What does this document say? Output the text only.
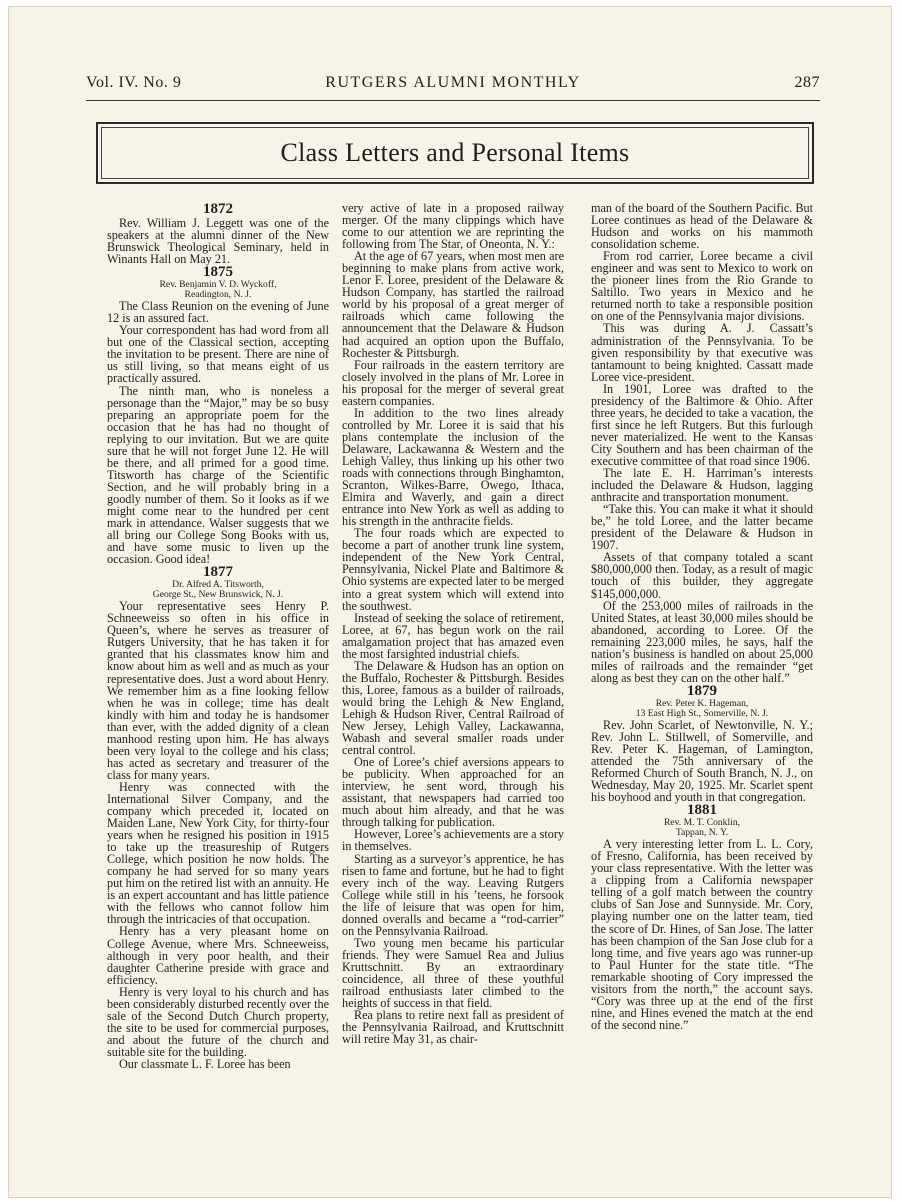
Vol. IV. No. 9	RUTGERS ALUMNI MONTHLY	287
Class Letters and Personal Items
1872

Rev. William J. Leggett was one of the speakers at the alumni dinner of the New Brunswick Theological Seminary, held in Winants Hall on May 21.

1875

Rev. Benjamin V. D. Wyckoff,

Readington, N. J.

The Class Reunion on the evening of June 12 is an assured fact.

Your correspondent has had word from all but one of the Classical section, accepting the invitation to be present. There are nine of us still living, so that means eight of us practically assured.

The ninth man, who is noneless a personage than the “Major,” may be so busy preparing an appropriate poem for the occasion that he has had no thought of replying to our invitation. But we are quite sure that he will not forget June 12. He will be there, and all primed for a good time. Titsworth has charge of the Scientific Section, and he will probably bring in a goodly number of them. So it looks as if we might come near to the hundred per cent mark in attendance. Walser suggests that we all bring our College Song Books with us, and have some music to liven up the occasion. Good idea!

1877

Dr. Alfred A. Titsworth,

George St., New Brunswick, N. J.

Your representative sees Henry P. Schneeweiss so often in his office in Queen’s, where he serves as treasurer of Rutgers University, that he has taken it for granted that his classmates know him and know about him as well and as much as your representative does. Just a word about Henry. We remember him as a fine looking fellow when he was in college; time has dealt kindly with him and today he is handsomer than ever, with the added dignity of a clean manhood resting upon him. He has always been very loyal to the college and his class; has acted as secretary and treasurer of the class for many years.

Henry was connected with the International Silver Company, and the company which preceded it, located on Maiden Lane, New York City, for thirty-four years when he resigned his position in 1915 to take up the treasureship of Rutgers College, which position he now holds. The company he had served for so many years put him on the retired list with an annuity. He is an expert accountant and has little patience with the fellows who cannot follow him through the intricacies of that occupation.

Henry has a very pleasant home on College Avenue, where Mrs. Schneeweiss, although in very poor health, and their daughter Catherine preside with grace and efficiency.

Henry is very loyal to his church and has been considerably disturbed recently over the sale of the Second Dutch Church property, the site to be used for commercial purposes, and about the future of the church and suitable site for the building.

Our classmate L. F. Loree has been

very active of late in a proposed railway merger. Of the many clippings which have come to our attention we are reprinting the following from The Star, of Oneonta, N. Y.:

At the age of 67 years, when most men are beginning to make plans from active work, Lenor F. Loree, president of the Delaware & Hudson Company, has startled the railroad world by his proposal of a great merger of railroads which came following the announcement that the Delaware & Hudson had acquired an option upon the Buffalo, Rochester & Pittsburgh.

Four railroads in the eastern territory are closely involved in the plans of Mr. Loree in his proposal for the merger of several great eastern companies.

In addition to the two lines already controlled by Mr. Loree it is said that his plans contemplate the inclusion of the Delaware, Lackawanna & Western and the Lehigh Valley, thus linking up his other two roads with connections through Binghamton, Scranton, Wilkes-Barre, Owego, Ithaca, Elmira and Waverly, and gain a direct entrance into New York as well as adding to his strength in the anthracite fields.

The four roads which are expected to become a part of another trunk line system, independent of the New York Central, Pennsylvania, Nickel Plate and Baltimore & Ohio systems are expected later to be merged into a great system which will extend into the southwest.

Instead of seeking the solace of retirement, Loree, at 67, has begun work on the rail amalgamation project that has amazed even the most farsighted industrial chiefs.

The Delaware & Hudson has an option on the Buffalo, Rochester & Pittsburgh. Besides this, Loree, famous as a builder of railroads, would bring the Lehigh & New England, Lehigh & Hudson River, Central Railroad of New Jersey, Lehigh Valley, Lackawanna, Wabash and several smaller roads under central control.

One of Loree’s chief aversions appears to be publicity. When approached for an interview, he sent word, through his assistant, that newspapers had carried too much about him already, and that he was through talking for publication.

However, Loree’s achievements are a story in themselves.

Starting as a surveyor’s apprentice, he has risen to fame and fortune, but he had to fight every inch of the way. Leaving Rutgers College while still in his ’teens, he forsook the life of leisure that was open for him, donned overalls and became a “rod-carrier” on the Pennsylvania Railroad.

Two young men became his particular friends. They were Samuel Rea and Julius Kruttschnitt. By an extraordinary coincidence, all three of these youthful railroad enthusiasts later climbed to the heights of success in that field.

Rea plans to retire next fall as president of the Pennsylvania Railroad, and Kruttschnitt will retire May 31, as chair-

man of the board of the Southern Pacific. But Loree continues as head of the Delaware & Hudson and works on his mammoth consolidation scheme.

From rod carrier, Loree became a civil engineer and was sent to Mexico to work on the pioneer lines from the Rio Grande to Saltillo. Two years in Mexico and he returned north to take a responsible position on one of the Pennsylvania major divisions.

This was during A. J. Cassatt’s administration of the Pennsylvania. To be given responsibility by that executive was tantamount to being knighted. Cassatt made Loree vice-president.

In 1901, Loree was drafted to the presidency of the Baltimore & Ohio. After three years, he decided to take a vacation, the first since he left Rutgers. But this furlough never materialized. He went to the Kansas City Southern and has been chairman of the executive committee of that road since 1906.

The late E. H. Harriman’s interests included the Delaware & Hudson, lagging anthracite and transportation monument.

“Take this. You can make it what it should be,” he told Loree, and the latter became president of the Delaware & Hudson in 1907.

Assets of that company totaled a scant $80,000,000 then. Today, as a result of magic touch of this builder, they aggregate $145,000,000.

Of the 253,000 miles of railroads in the United States, at least 30,000 miles should be abandoned, according to Loree. Of the remaining 223,000 miles, he says, half the nation’s business is handled on about 25,000 miles of railroads and the remainder “get along as best they can on the other half.”

1879

Rev. Peter K. Hageman,

13 East High St., Somerville, N. J.

Rev. John Scarlet, of Newtonville, N. Y.; Rev. John L. Stillwell, of Somerville, and Rev. Peter K. Hageman, of Lamington, attended the 75th anniversary of the Reformed Church of South Branch, N. J., on Wednesday, May 20, 1925. Mr. Scarlet spent his boyhood and youth in that congregation.

1881

Rev. M. T. Conklin,

Tappan, N. Y.

A very interesting letter from L. L. Cory, of Fresno, California, has been received by your class representative. With the letter was a clipping from a California newspaper telling of a golf match between the country clubs of San Jose and Sunnyside. Mr. Cory, playing number one on the latter team, tied the score of Dr. Hines, of San Jose. The latter has been champion of the San Jose club for a long time, and five years ago was runner-up to Paul Hunter for the state title. “The remarkable shooting of Cory impressed the visitors from the north,” the account says. “Cory was three up at the end of the first nine, and Hines evened the match at the end of the second nine.”
